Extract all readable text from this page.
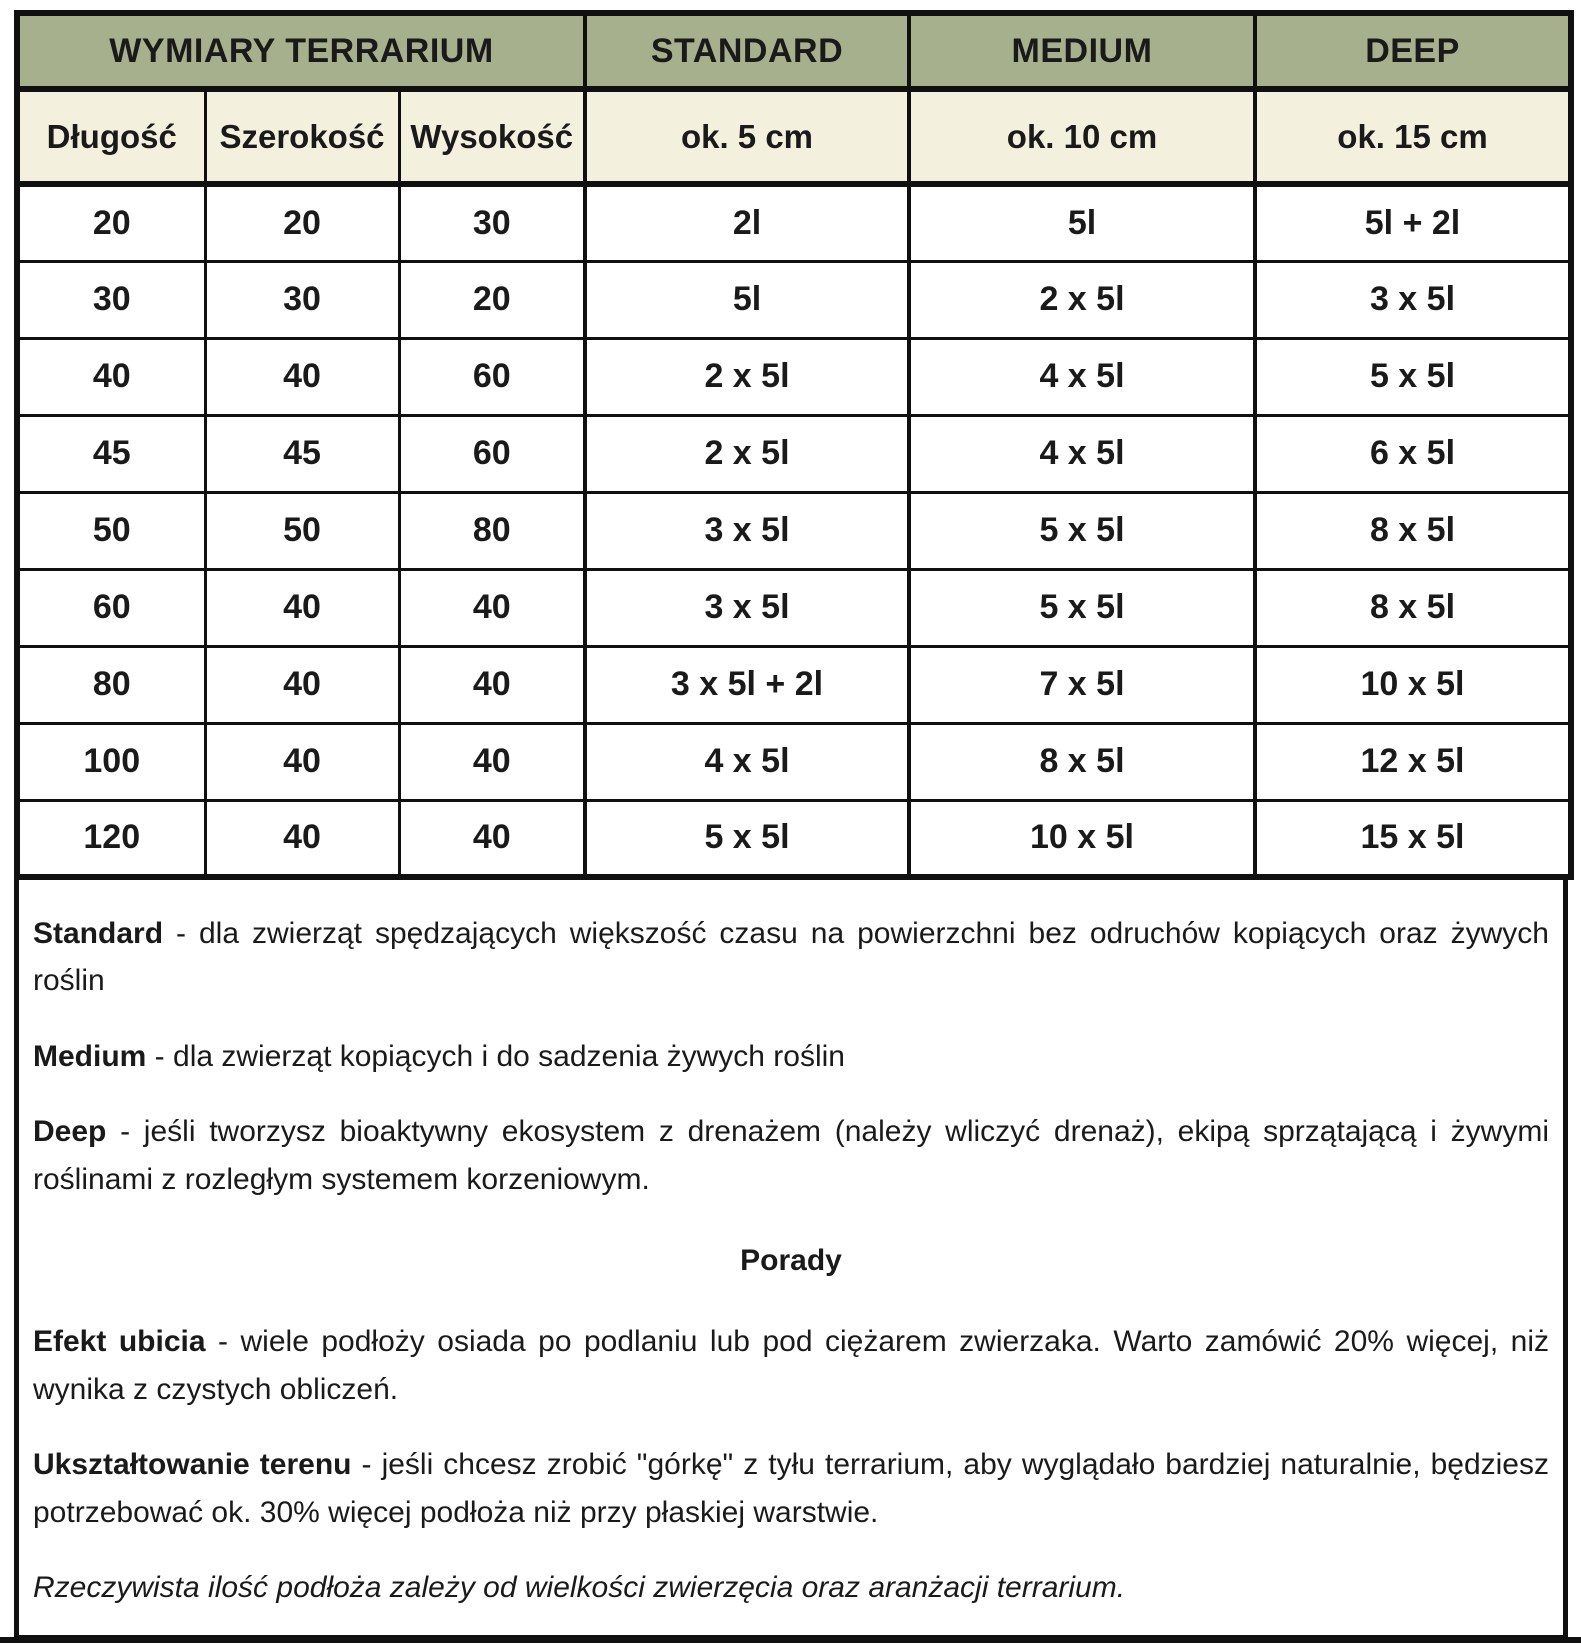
WYMIARY TERRARIUM			STANDARD	MEDIUM	DEEP
Długość	Szerokość	Wysokość	ok. 5 cm	ok. 10 cm	ok. 15 cm
20	20	30	2l	5l	5l + 2l
30	30	20	5l	2 x 5l	3 x 5l
40	40	60	2 x 5l	4 x 5l	5 x 5l
45	45	60	2 x 5l	4 x 5l	6 x 5l
50	50	80	3 x 5l	5 x 5l	8 x 5l
60	40	40	3 x 5l	5 x 5l	8 x 5l
80	40	40	3 x 5l + 2l	7 x 5l	10 x 5l
100	40	40	4 x 5l	8 x 5l	12 x 5l
120	40	40	5 x 5l	10 x 5l	15 x 5l

Standard - dla zwierząt spędzających większość czasu na powierzchni bez odruchów kopiących oraz żywych roślin

Medium - dla zwierząt kopiących i do sadzenia żywych roślin

Deep - jeśli tworzysz bioaktywny ekosystem z drenażem (należy wliczyć drenaż), ekipą sprzątającą i żywymi roślinami z rozległym systemem korzeniowym.

Porady

Efekt ubicia - wiele podłoży osiada po podlaniu lub pod ciężarem zwierzaka. Warto zamówić 20% więcej, niż wynika z czystych obliczeń.

Ukształtowanie terenu - jeśli chcesz zrobić "górkę" z tyłu terrarium, aby wyglądało bardziej naturalnie, będziesz potrzebować ok. 30% więcej podłoża niż przy płaskiej warstwie.

Rzeczywista ilość podłoża zależy od wielkości zwierzęcia oraz aranżacji terrarium.
